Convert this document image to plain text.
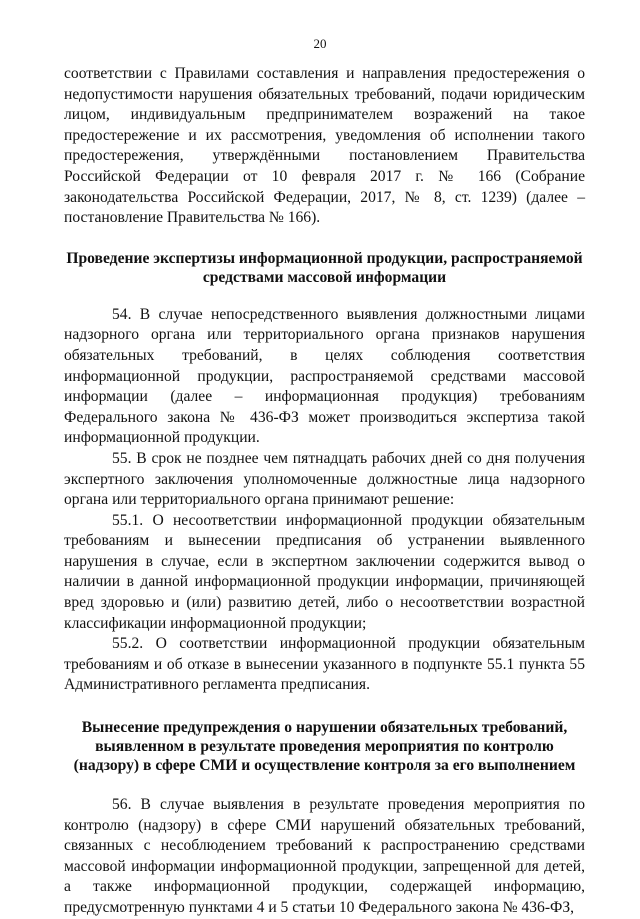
20

соответствии с Правилами составления и направления предостережения о недопустимости нарушения обязательных требований, подачи юридическим лицом, индивидуальным предпринимателем возражений на такое предостережение и их рассмотрения, уведомления об исполнении такого предостережения, утверждёнными постановлением Правительства Российской Федерации от 10 февраля 2017 г. № 166 (Собрание законодательства Российской Федерации, 2017, № 8, ст. 1239) (далее – постановление Правительства № 166).

Проведение экспертизы информационной продукции, распространяемой средствами массовой информации

54. В случае непосредственного выявления должностными лицами надзорного органа или территориального органа признаков нарушения обязательных требований, в целях соблюдения соответствия информационной продукции, распространяемой средствами массовой информации (далее – информационная продукция) требованиям Федерального закона № 436-ФЗ может производиться экспертиза такой информационной продукции.

55. В срок не позднее чем пятнадцать рабочих дней со дня получения экспертного заключения уполномоченные должностные лица надзорного органа или территориального органа принимают решение:

55.1. О несоответствии информационной продукции обязательным требованиям и вынесении предписания об устранении выявленного нарушения в случае, если в экспертном заключении содержится вывод о наличии в данной информационной продукции информации, причиняющей вред здоровью и (или) развитию детей, либо о несоответствии возрастной классификации информационной продукции;

55.2. О соответствии информационной продукции обязательным требованиям и об отказе в вынесении указанного в подпункте 55.1 пункта 55 Административного регламента предписания.

Вынесение предупреждения о нарушении обязательных требований, выявленном в результате проведения мероприятия по контролю (надзору) в сфере СМИ и осуществление контроля за его выполнением

56. В случае выявления в результате проведения мероприятия по контролю (надзору) в сфере СМИ нарушений обязательных требований, связанных с несоблюдением требований к распространению средствами массовой информации информационной продукции, запрещенной для детей, а также информационной продукции, содержащей информацию, предусмотренную пунктами 4 и 5 статьи 10 Федерального закона № 436-ФЗ,
